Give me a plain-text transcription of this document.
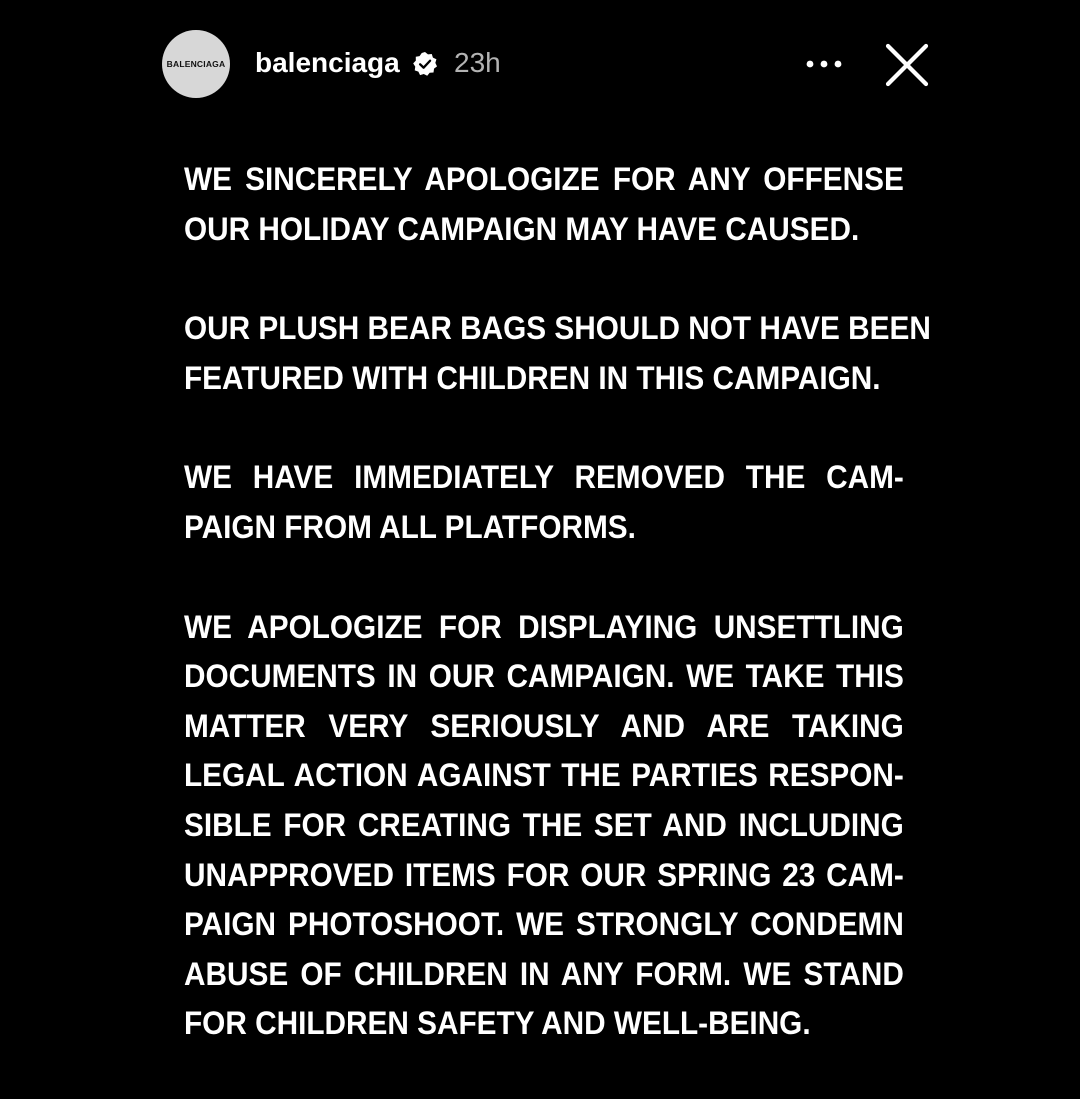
BALENCIAGA balenciaga 23h
WE SINCERELY APOLOGIZE FOR ANY OFFENSE
OUR HOLIDAY CAMPAIGN MAY HAVE CAUSED.
OUR PLUSH BEAR BAGS SHOULD NOT HAVE BEEN
FEATURED WITH CHILDREN IN THIS CAMPAIGN.
WE HAVE IMMEDIATELY REMOVED THE CAM-
PAIGN FROM ALL PLATFORMS.
WE APOLOGIZE FOR DISPLAYING UNSETTLING
DOCUMENTS IN OUR CAMPAIGN. WE TAKE THIS
MATTER VERY SERIOUSLY AND ARE TAKING
LEGAL ACTION AGAINST THE PARTIES RESPON-
SIBLE FOR CREATING THE SET AND INCLUDING
UNAPPROVED ITEMS FOR OUR SPRING 23 CAM-
PAIGN PHOTOSHOOT. WE STRONGLY CONDEMN
ABUSE OF CHILDREN IN ANY FORM. WE STAND
FOR CHILDREN SAFETY AND WELL-BEING.
